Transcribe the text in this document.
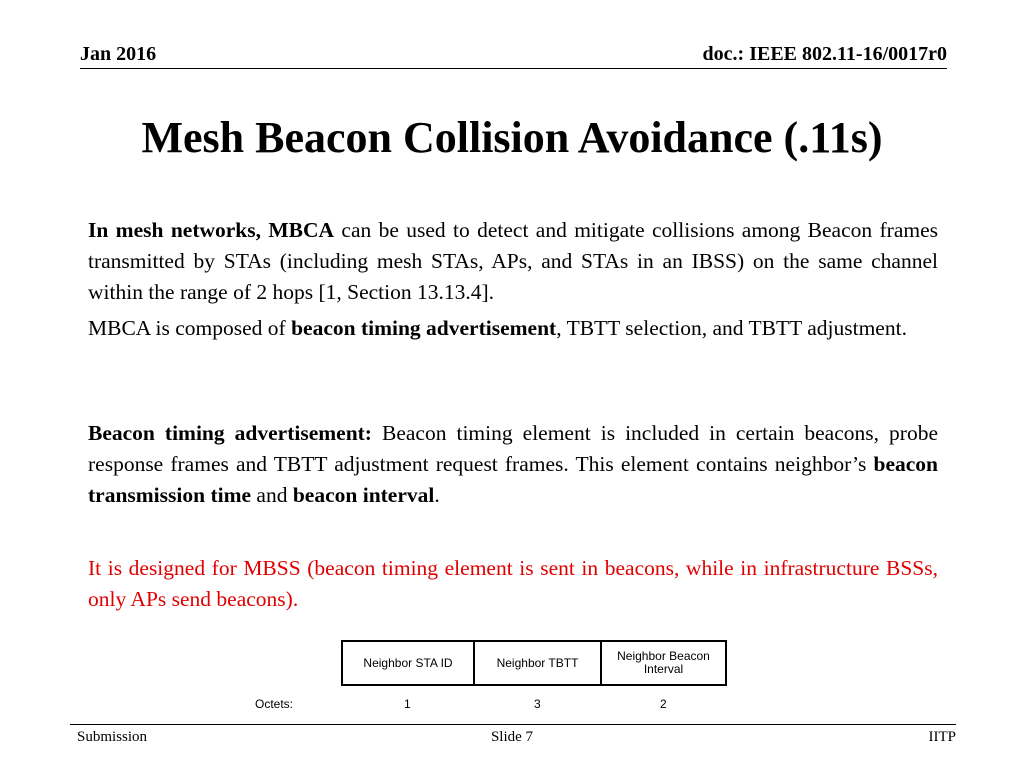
Jan 2016	doc.: IEEE 802.11-16/0017r0
Mesh Beacon Collision Avoidance (.11s)

In mesh networks, MBCA can be used to detect and mitigate collisions among Beacon frames transmitted by STAs (including mesh STAs, APs, and STAs in an IBSS) on the same channel within the range of 2 hops [1, Section 13.13.4].

MBCA is composed of beacon timing advertisement, TBTT selection, and TBTT adjustment.

Beacon timing advertisement: Beacon timing element is included in certain beacons, probe response frames and TBTT adjustment request frames. This element contains neighbor’s beacon transmission time and beacon interval.

It is designed for MBSS (beacon timing element is sent in beacons, while in infrastructure BSSs, only APs send beacons).

Neighbor STA ID	Neighbor TBTT	Neighbor Beacon
Interval
Octets:	1	3	2
Submission	Slide 7	IITP
